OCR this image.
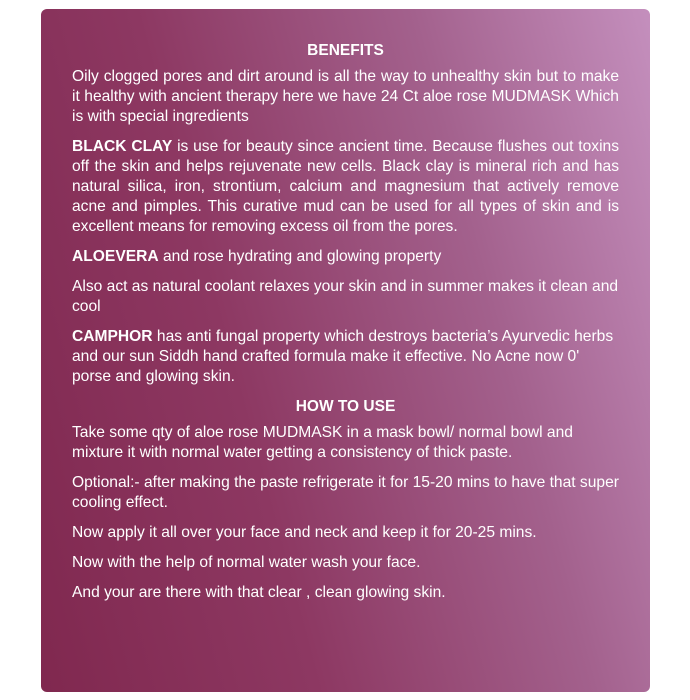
BENEFITS

Oily clogged pores and dirt around is all the way to unhealthy skin but to make it healthy with ancient therapy here we have 24 Ct aloe rose MUDMASK Which is with special ingredients

BLACK CLAY is use for beauty since ancient time. Because flushes out toxins off the skin and helps rejuvenate new cells. Black clay is mineral rich and has natural silica, iron, strontium, calcium and magnesium that actively remove acne and pimples. This curative mud can be used for all types of skin and is excellent means for removing excess oil from the pores.

ALOEVERA and rose hydrating and glowing property

Also act as natural coolant relaxes your skin and in summer makes it clean and cool

CAMPHOR has anti fungal property which destroys bacteria’s Ayurvedic herbs and our sun Siddh hand crafted formula make it effective. No Acne now 0' porse and glowing skin.

HOW TO USE

Take some qty of aloe rose MUDMASK in a mask bowl/ normal bowl and mixture it with normal water getting a consistency of thick paste.

Optional:- after making the paste refrigerate it for 15-20 mins to have that super cooling effect.

Now apply it all over your face and neck and keep it for 20-25 mins.

Now with the help of normal water wash your face.

And your are there with that clear , clean glowing skin.
